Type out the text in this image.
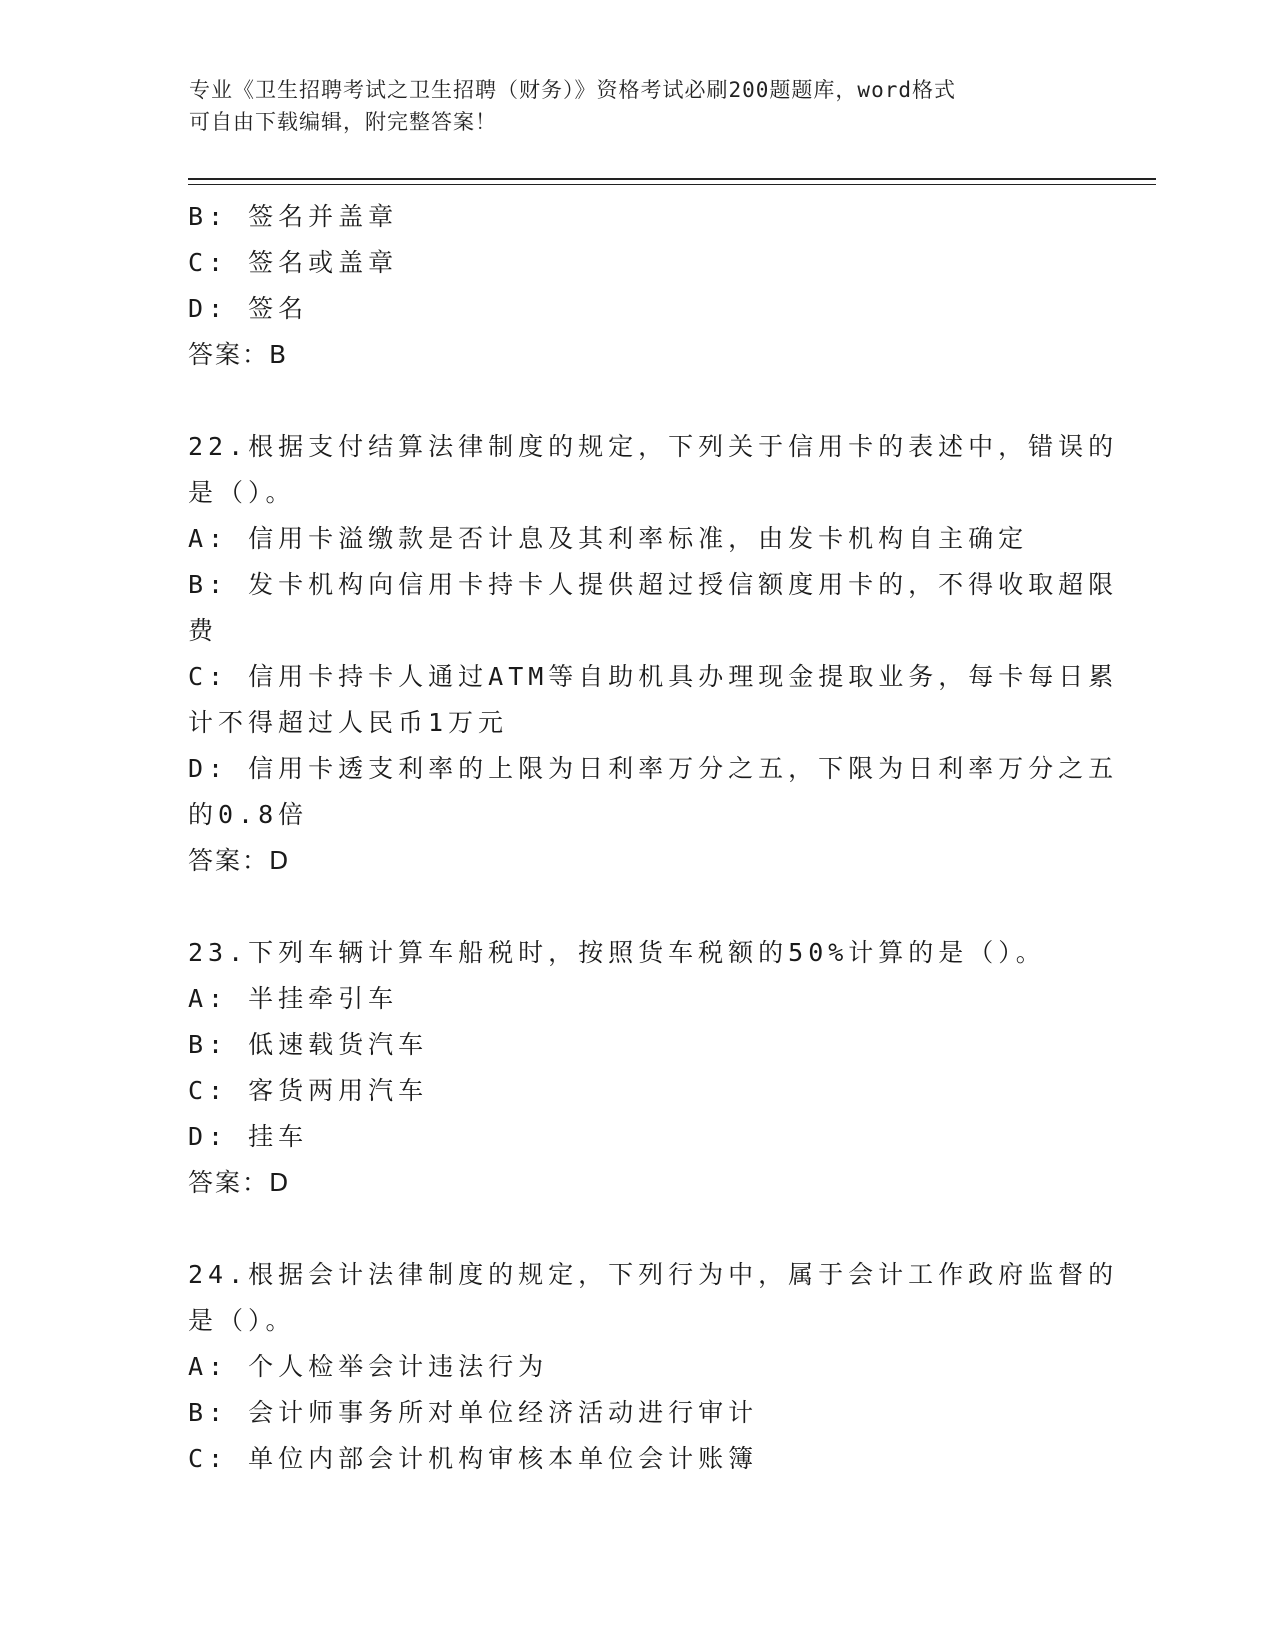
专业《卫生招聘考试之卫生招聘（财务）》资格考试必刷200题题库，word格式
可自由下载编辑，附完整答案！
B: 签名并盖章
C: 签名或盖章
D: 签名
答案：B
22.根据支付结算法律制度的规定，下列关于信用卡的表述中，错误的
是（）。
A: 信用卡溢缴款是否计息及其利率标准，由发卡机构自主确定
B: 发卡机构向信用卡持卡人提供超过授信额度用卡的，不得收取超限
费
C: 信用卡持卡人通过ATM等自助机具办理现金提取业务，每卡每日累
计不得超过人民币1万元
D: 信用卡透支利率的上限为日利率万分之五，下限为日利率万分之五
的0.8倍
答案：D
23.下列车辆计算车船税时，按照货车税额的50%计算的是（）。
A: 半挂牵引车
B: 低速载货汽车
C: 客货两用汽车
D: 挂车
答案：D
24.根据会计法律制度的规定，下列行为中，属于会计工作政府监督的
是（）。
A: 个人检举会计违法行为
B: 会计师事务所对单位经济活动进行审计
C: 单位内部会计机构审核本单位会计账簿
